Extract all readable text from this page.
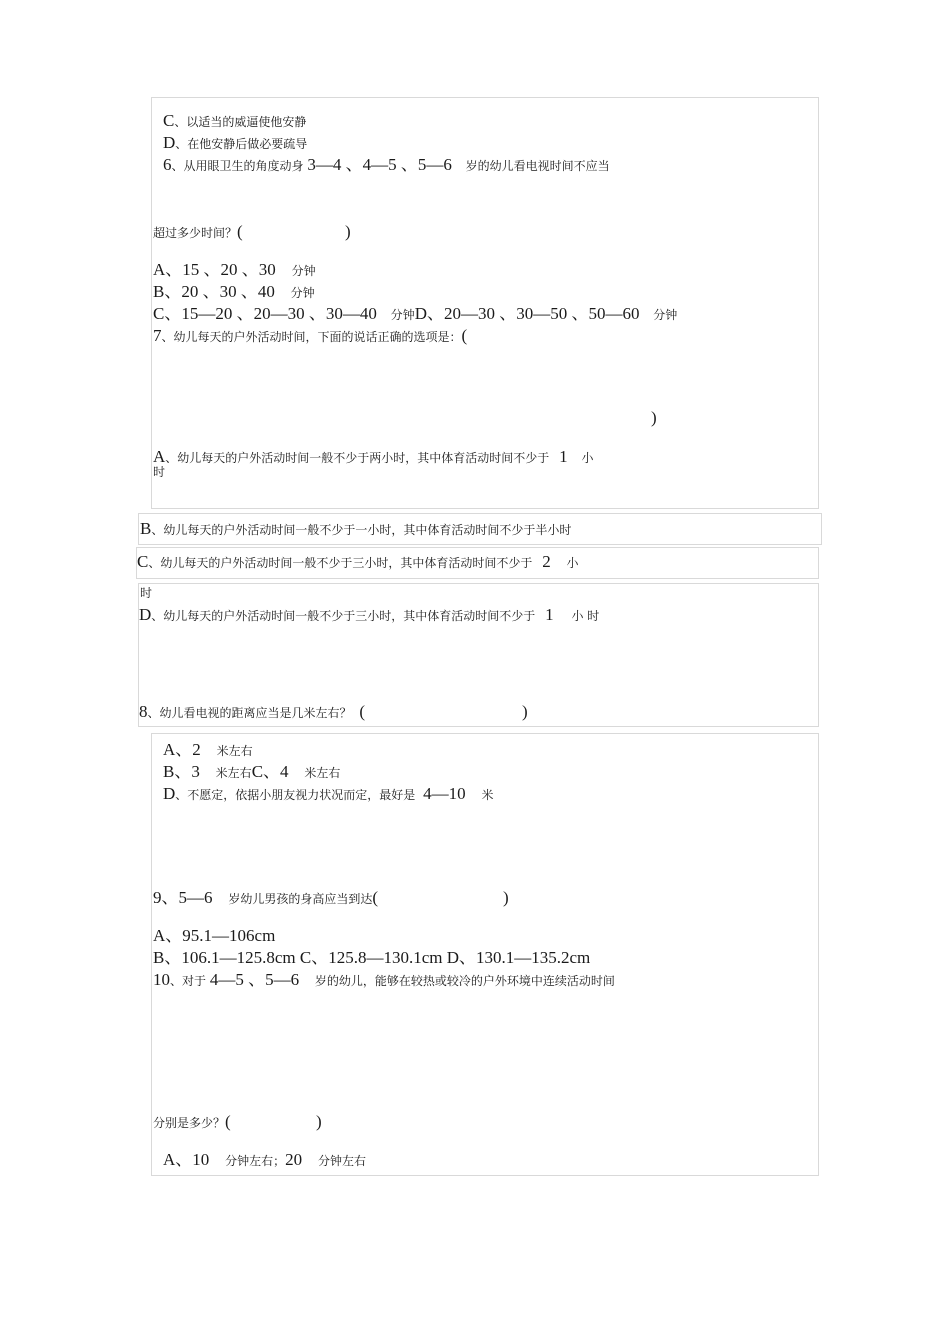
C、以适当的威逼使他安静
D、在他安静后做必要疏导
6、从用眼卫生的角度动身 3—4 、4—5 、5—6 岁的幼儿看电视时间不应当
超过多少时间？(	)
A、15 、20 、30 分钟
B、20 、30 、40 分钟
C、15—20 、20—30 、30—40 分钟D、20—30 、30—50 、50—60 分钟
7、幼儿每天的户外活动时间，下面的说话正确的选项是：(
)
A、幼儿每天的户外活动时间一般不少于两小时，其中体育活动时间不少于 1 小
时
B、幼儿每天的户外活动时间一般不少于一小时，其中体育活动时间不少于半小时
C、幼儿每天的户外活动时间一般不少于三小时，其中体育活动时间不少于 2 小
时
D、幼儿每天的户外活动时间一般不少于三小时，其中体育活动时间不少于 1 小 时
8、幼儿看电视的距离应当是几米左右？ (	)
A、2 米左右
B、3 米左右C、4 米左右
D、不愿定，依据小朋友视力状况而定，最好是 4—10 米
9、5—6 岁幼儿男孩的身高应当到达(	)
A、95.1—106cm
B、106.1—125.8cm C、125.8—130.1cm D、130.1—135.2cm
10、对于 4—5 、5—6 岁的幼儿，能够在较热或较冷的户外环境中连续活动时间
分别是多少？(	)
A、10 分钟左右；20 分钟左右
